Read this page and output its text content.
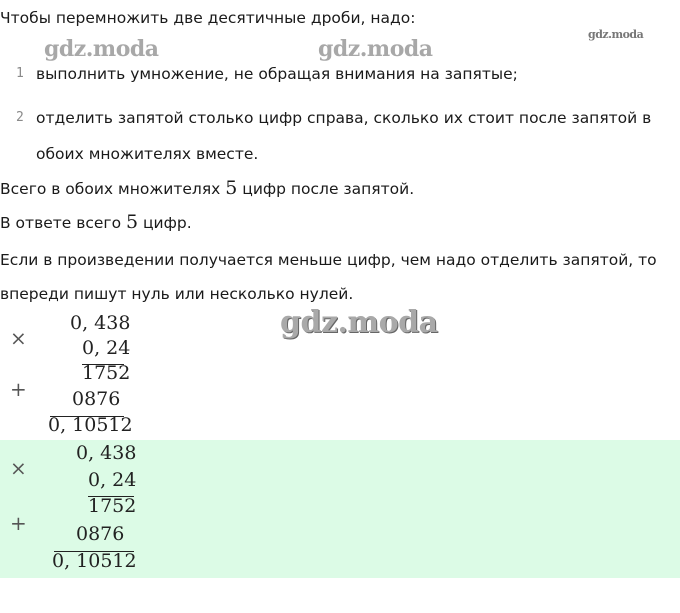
gdz.moda	gdz.moda
gdz.moda
Чтобы перемножить две десятичные дроби, надо:
1 выполнить умножение, не обращая внимания на запятые;
2 отделить запятой столько цифр справа, сколько их стоит после запятой в
обоих множителях вместе.
Всего в обоих множителях 5 цифр после запятой.
В ответе всего 5 цифр.
Если в произведении получается меньше цифр, чем надо отделить запятой, то
впереди пишут нуль или несколько нулей.
gdz.moda
×
0, 438
0, 24
1752
+ 0876
0, 10512
×
0, 438
0, 24
1752
+	0876
0, 10512
